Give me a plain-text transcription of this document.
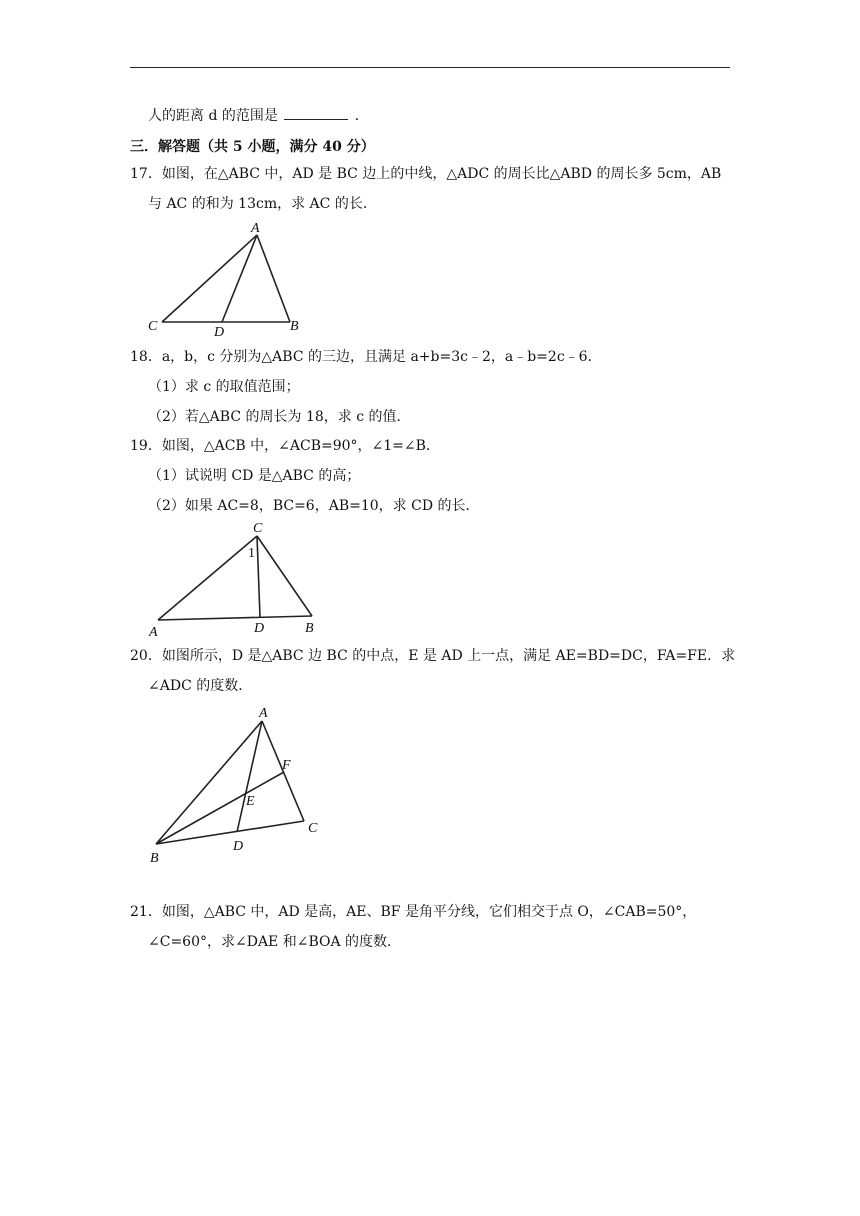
人的距离 d 的范围是	．
三．解答题（共 5 小题，满分 40 分）
17．如图，在△ABC 中，AD 是 BC 边上的中线，△ADC 的周长比△ABD 的周长多 5cm，AB
与 AC 的和为 13cm，求 AC 的长．
A
C	D	B
18．a，b，c 分别为△ABC 的三边，且满足 a+b=3c﹣2，a﹣b=2c﹣6．
（1）求 c 的取值范围；
（2）若△ABC 的周长为 18，求 c 的值．
19．如图，△ACB 中，∠ACB=90°，∠1=∠B．
（1）试说明 CD 是△ABC 的高；
（2）如果 AC=8，BC=6，AB=10，求 CD 的长．
C
1
A	D	B
20．如图所示，D 是△ABC 边 BC 的中点，E 是 AD 上一点，满足 AE=BD=DC，FA=FE．求
∠ADC 的度数．
A
F
E
C
D
B
21．如图，△ABC 中，AD 是高，AE、BF 是角平分线，它们相交于点 O，∠CAB=50°，
∠C=60°，求∠DAE 和∠BOA 的度数．
